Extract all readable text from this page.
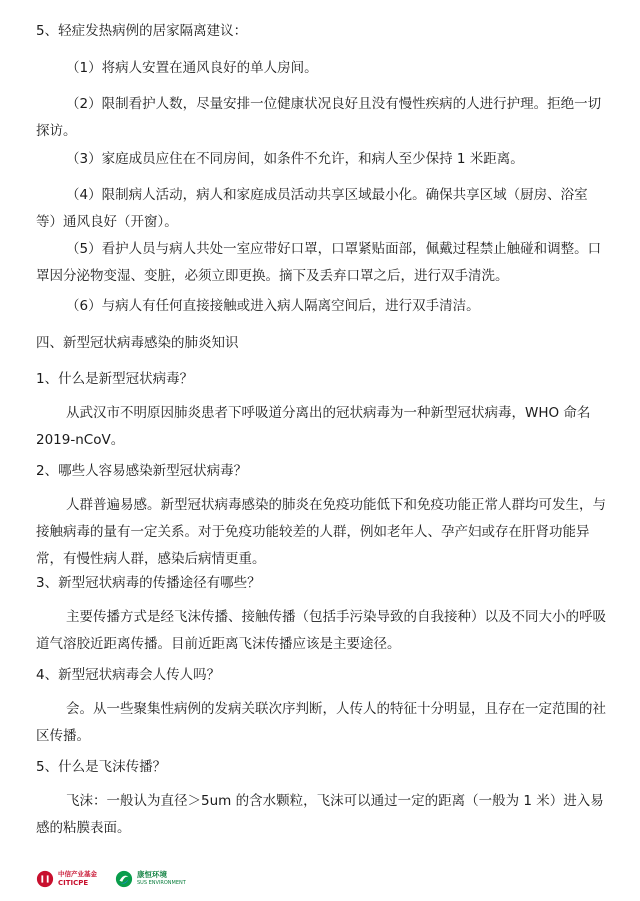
5、轻症发热病例的居家隔离建议：

（1）将病人安置在通风良好的单人房间。

（2）限制看护人数，尽量安排一位健康状况良好且没有慢性疾病的人进行护理。拒绝一切探访。

（3）家庭成员应住在不同房间，如条件不允许，和病人至少保持 1 米距离。

（4）限制病人活动，病人和家庭成员活动共享区域最小化。确保共享区域（厨房、浴室等）通风良好（开窗）。

（5）看护人员与病人共处一室应带好口罩，口罩紧贴面部，佩戴过程禁止触碰和调整。口罩因分泌物变湿、变脏，必须立即更换。摘下及丢弃口罩之后，进行双手清洗。

（6）与病人有任何直接接触或进入病人隔离空间后，进行双手清洁。

四、新型冠状病毒感染的肺炎知识

1、什么是新型冠状病毒？

从武汉市不明原因肺炎患者下呼吸道分离出的冠状病毒为一种新型冠状病毒，WHO 命名 2019-nCoV。

2、哪些人容易感染新型冠状病毒？

人群普遍易感。新型冠状病毒感染的肺炎在免疫功能低下和免疫功能正常人群均可发生，与接触病毒的量有一定关系。对于免疫功能较差的人群，例如老年人、孕产妇或存在肝肾功能异常，有慢性病人群，感染后病情更重。

3、新型冠状病毒的传播途径有哪些？

主要传播方式是经飞沫传播、接触传播（包括手污染导致的自我接种）以及不同大小的呼吸道气溶胶近距离传播。目前近距离飞沫传播应该是主要途径。

4、新型冠状病毒会人传人吗？

会。从一些聚集性病例的发病关联次序判断，人传人的特征十分明显，且存在一定范围的社区传播。

5、什么是飞沫传播？

飞沫：一般认为直径＞5um 的含水颗粒，飞沫可以通过一定的距离（一般为 1 米）进入易感的粘膜表面。

中信产业基金
CITICPE
康恒环境
SUS ENVIRONMENT
